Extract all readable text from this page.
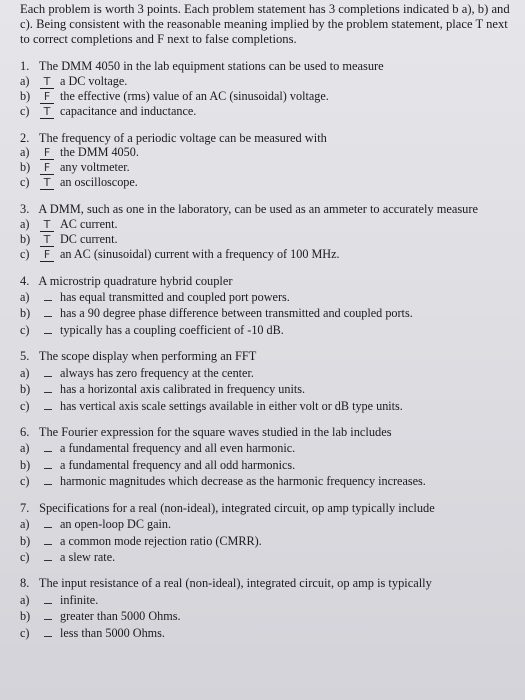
Each problem is worth 3 points. Each problem statement has 3 completions indicated b a), b) and c). Being consistent with the reasonable meaning implied by the problem statement, place T next to correct completions and F next to false completions.
1. The DMM 4050 in the lab equipment stations can be used to measure
a) T a DC voltage.
b) F the effective (rms) value of an AC (sinusoidal) voltage.
c) T capacitance and inductance.
2. The frequency of a periodic voltage can be measured with
a) F the DMM 4050.
b) F any voltmeter.
c) T an oscilloscope.
3. A DMM, such as one in the laboratory, can be used as an ammeter to accurately measure
a) T AC current.
b) T DC current.
c) F an AC (sinusoidal) current with a frequency of 100 MHz.
4. A microstrip quadrature hybrid coupler
a)	has equal transmitted and coupled port powers.
b) has a 90 degree phase difference between transmitted and coupled ports.
c)	typically has a coupling coefficient of -10 dB.
5. The scope display when performing an FFT
a)	always has zero frequency at the center.
b) has a horizontal axis calibrated in frequency units.
c)	has vertical axis scale settings available in either volt or dB type units.
6. The Fourier expression for the square waves studied in the lab includes
a)	a fundamental frequency and all even harmonic.
b) a fundamental frequency and all odd harmonics.
c)	harmonic magnitudes which decrease as the harmonic frequency increases.
7. Specifications for a real (non-ideal), integrated circuit, op amp typically include
a)	an open-loop DC gain.
b) a common mode rejection ratio (CMRR).
c)	a slew rate.
8. The input resistance of a real (non-ideal), integrated circuit, op amp is typically
a)	infinite.
b) greater than 5000 Ohms.
c)	less than 5000 Ohms.
